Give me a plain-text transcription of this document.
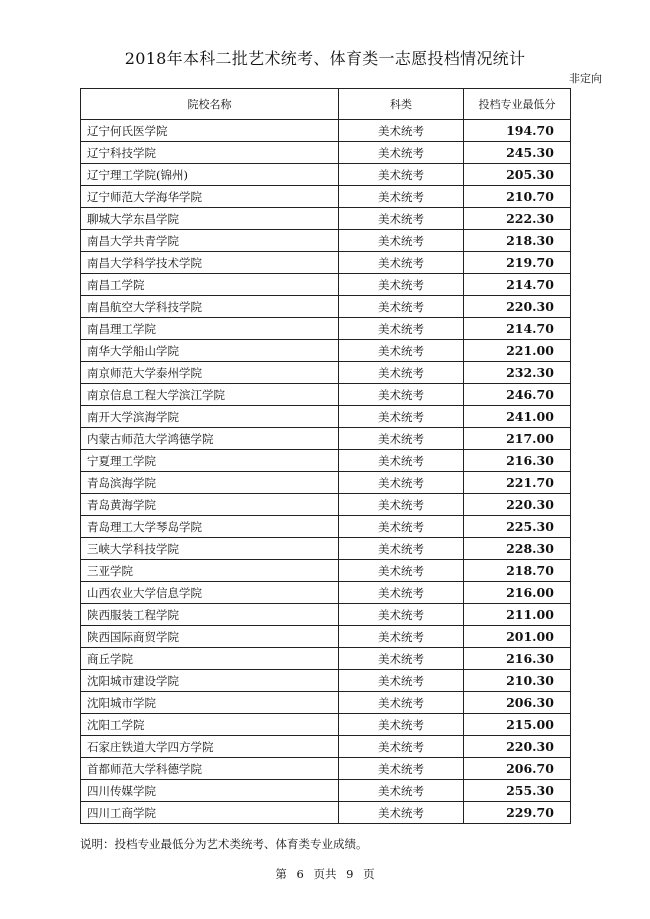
2018年本科二批艺术统考、体育类一志愿投档情况统计
非定向
院校名称	科类	投档专业最低分
辽宁何氏医学院	美术统考	194.70
辽宁科技学院	美术统考	245.30
辽宁理工学院(锦州)	美术统考	205.30
辽宁师范大学海华学院	美术统考	210.70
聊城大学东昌学院	美术统考	222.30
南昌大学共青学院	美术统考	218.30
南昌大学科学技术学院	美术统考	219.70
南昌工学院	美术统考	214.70
南昌航空大学科技学院	美术统考	220.30
南昌理工学院	美术统考	214.70
南华大学船山学院	美术统考	221.00
南京师范大学泰州学院	美术统考	232.30
南京信息工程大学滨江学院	美术统考	246.70
南开大学滨海学院	美术统考	241.00
内蒙古师范大学鸿德学院	美术统考	217.00
宁夏理工学院	美术统考	216.30
青岛滨海学院	美术统考	221.70
青岛黄海学院	美术统考	220.30
青岛理工大学琴岛学院	美术统考	225.30
三峡大学科技学院	美术统考	228.30
三亚学院	美术统考	218.70
山西农业大学信息学院	美术统考	216.00
陕西服装工程学院	美术统考	211.00
陕西国际商贸学院	美术统考	201.00
商丘学院	美术统考	216.30
沈阳城市建设学院	美术统考	210.30
沈阳城市学院	美术统考	206.30
沈阳工学院	美术统考	215.00
石家庄铁道大学四方学院	美术统考	220.30
首都师范大学科德学院	美术统考	206.70
四川传媒学院	美术统考	255.30
四川工商学院	美术统考	229.70
说明：投档专业最低分为艺术类统考、体育类专业成绩。
第 6 页共 9 页
